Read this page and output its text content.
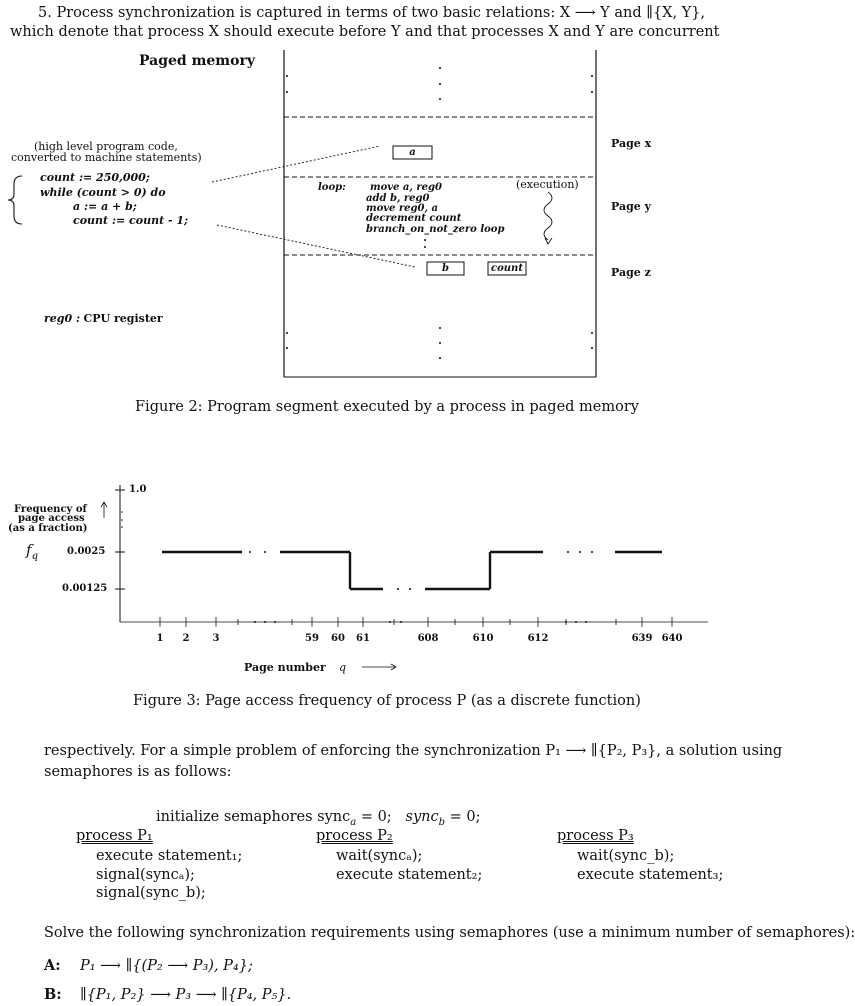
5. Process synchronization is captured in terms of two basic relations: X ⟶ Y and ∥{X, Y},
which denote that process X should execute before Y and that processes X and Y are concurrent
Paged memory
(high level program code,
converted to machine statements)
count := 250,000;
while (count > 0) do
a := a + b;
count := count - 1;
reg0 : CPU register
Page x
Page y
Page z
a
b	count
loop: move a, reg0
add b, reg0
move reg0, a
decrement count
branch_on_not_zero loop
(execution)
Figure 2: Program segment executed by a process in paged memory
Frequency of
page access
(as a fraction)
$f_q$
1.0
0.0025
0.00125
1	2	3	59	60	61	608	610	612	639 640
Page number q
Figure 3: Page access frequency of process P (as a discrete function)
respectively. For a simple problem of enforcing the synchronization P₁ ⟶ ∥{P₂, P₃}, a solution using
semaphores is as follows:
initialize semaphores sync$_a$ = 0;   sync$_b$ = 0;
process P₁
execute statement₁;
signal(syncₐ);
signal(sync_b);
process P₂
wait(syncₐ);
execute statement₂;
process P₃
wait(sync_b);
execute statement₃;
Solve the following synchronization requirements using semaphores (use a minimum number of semaphores):
A: P₁ ⟶ ∥{(P₂ ⟶ P₃), P₄};
B: ∥{P₁, P₂} ⟶ P₃ ⟶ ∥{P₄, P₅}.
